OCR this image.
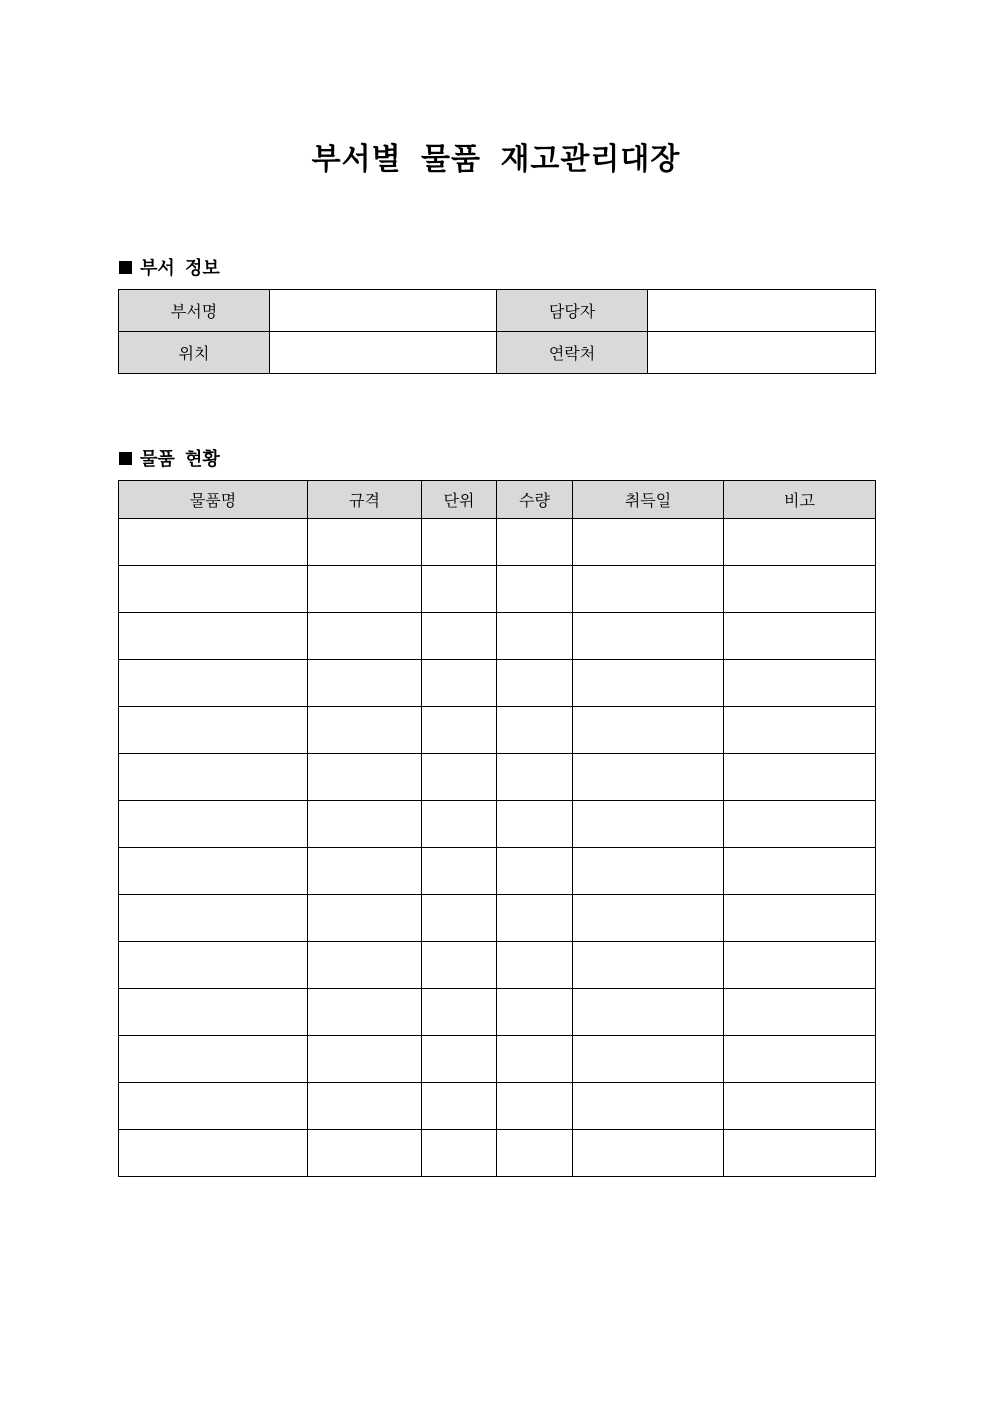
부서별 물품 재고관리대장
부서 정보
부서명		담당자	
위치		연락처	
물품 현황
물품명	규격	단위	수량	취득일	비고
